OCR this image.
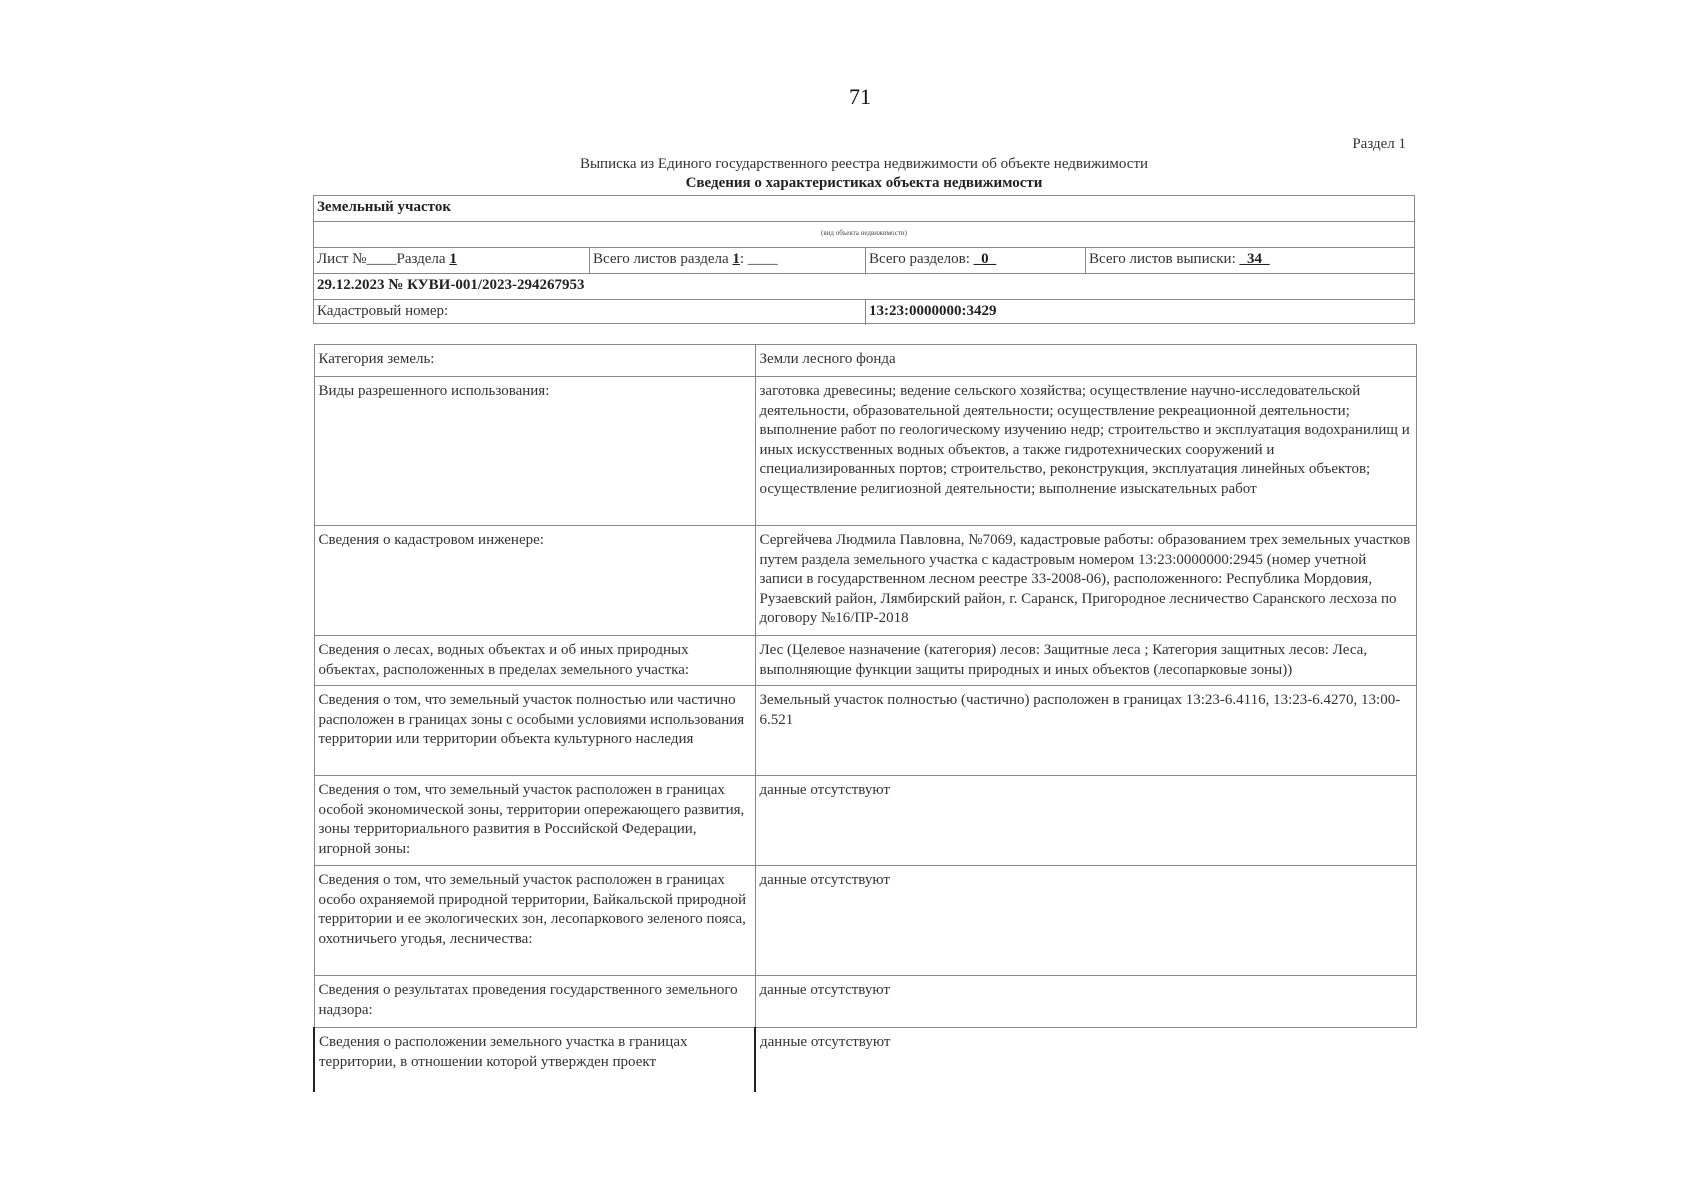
71
Раздел 1
Выписка из Единого государственного реестра недвижимости об объекте недвижимости
Сведения о характеристиках объекта недвижимости
Земельный участок
(вид объекта недвижимости)
Лист №____Раздела 1	Всего листов раздела 1: ____	Всего разделов: _0_	Всего листов выписки: _34_
29.12.2023 № КУВИ-001/2023-294267953
Кадастровый номер:	13:23:0000000:3429
Категория земель:	Земли лесного фонда
Виды разрешенного использования:	заготовка древесины; ведение сельского хозяйства; осуществление научно-исследовательской деятельности, образовательной деятельности; осуществление рекреационной деятельности; выполнение работ по геологическому изучению недр; строительство и эксплуатация водохранилищ и иных искусственных водных объектов, а также гидротехнических сооружений и специализированных портов; строительство, реконструкция, эксплуатация линейных объектов; осуществление религиозной деятельности; выполнение изыскательных работ
Сведения о кадастровом инженере:	Сергейчева Людмила Павловна, №7069, кадастровые работы: образованием трех земельных участков путем раздела земельного участка с кадастровым номером 13:23:0000000:2945 (номер учетной записи в государственном лесном реестре 33-2008-06), расположенного: Республика Мордовия, Рузаевский район, Лямбирский район, г. Саранск, Пригородное лесничество Саранского лесхоза по договору №16/ПР-2018
Сведения о лесах, водных объектах и об иных природных объектах, расположенных в пределах земельного участка:	Лес (Целевое назначение (категория) лесов: Защитные леса ; Категория защитных лесов: Леса, выполняющие функции защиты природных и иных объектов (лесопарковые зоны))
Сведения о том, что земельный участок полностью или частично расположен в границах зоны с особыми условиями использования территории или территории объекта культурного наследия	Земельный участок полностью (частично) расположен в границах 13:23-6.4116, 13:23-6.4270, 13:00-6.521
Сведения о том, что земельный участок расположен в границах особой экономической зоны, территории опережающего развития, зоны территориального развития в Российской Федерации, игорной зоны:	данные отсутствуют
Сведения о том, что земельный участок расположен в границах особо охраняемой природной территории, Байкальской природной территории и ее экологических зон, лесопаркового зеленого пояса, охотничьего угодья, лесничества:	данные отсутствуют
Сведения о результатах проведения государственного земельного надзора:	данные отсутствуют
Сведения о расположении земельного участка в границах территории, в отношении которой утвержден проект	данные отсутствуют
